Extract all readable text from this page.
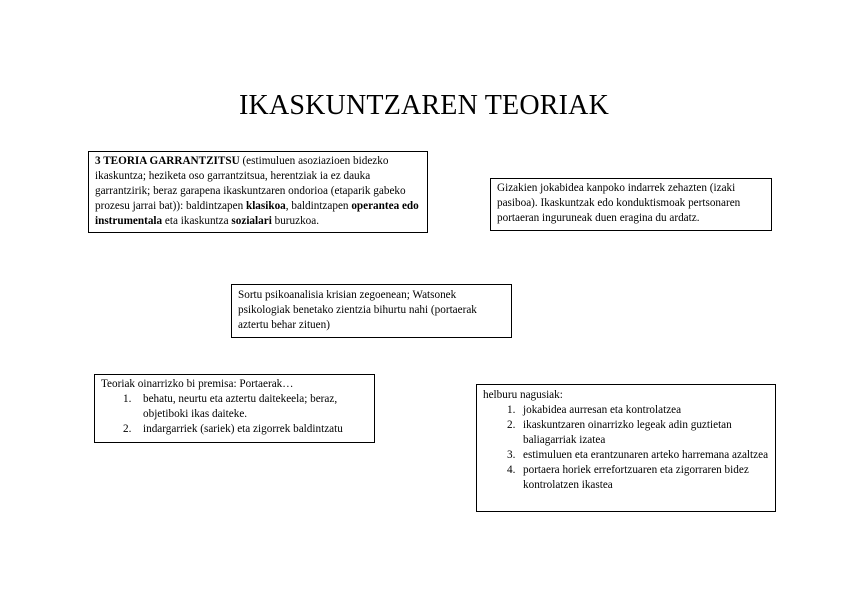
IKASKUNTZAREN TEORIAK

3 TEORIA GARRANTZITSU (estimuluen asoziazioen bidezko ikaskuntza; heziketa oso garrantzitsua, herentziak ia ez dauka garrantzirik; beraz garapena ikaskuntzaren ondorioa (etaparik gabeko prozesu jarrai bat)): baldintzapen klasikoa, baldintzapen operantea edo instrumentala eta ikaskuntza sozialari buruzkoa.

Gizakien jokabidea kanpoko indarrek zehazten (izaki pasiboa). Ikaskuntzak edo konduktismoak pertsonaren portaeran inguruneak duen eragina du ardatz.

Sortu psikoanalisia krisian zegoenean; Watsonek psikologiak benetako zientzia bihurtu nahi (portaerak aztertu behar zituen)

Teoriak oinarrizko bi premisa: Portaerak…

1. behatu, neurtu eta aztertu daitekeela; beraz, objetiboki ikas daiteke.
2. indargarriek (sariek) eta zigorrek baldintzatu

helburu nagusiak:

1. jokabidea aurresan eta kontrolatzea
2. ikaskuntzaren oinarrizko legeak adin guztietan baliagarriak izatea
3. estimuluen eta erantzunaren arteko harremana azaltzea
4. portaera horiek errefortzuaren eta zigorraren bidez kontrolatzen ikastea
